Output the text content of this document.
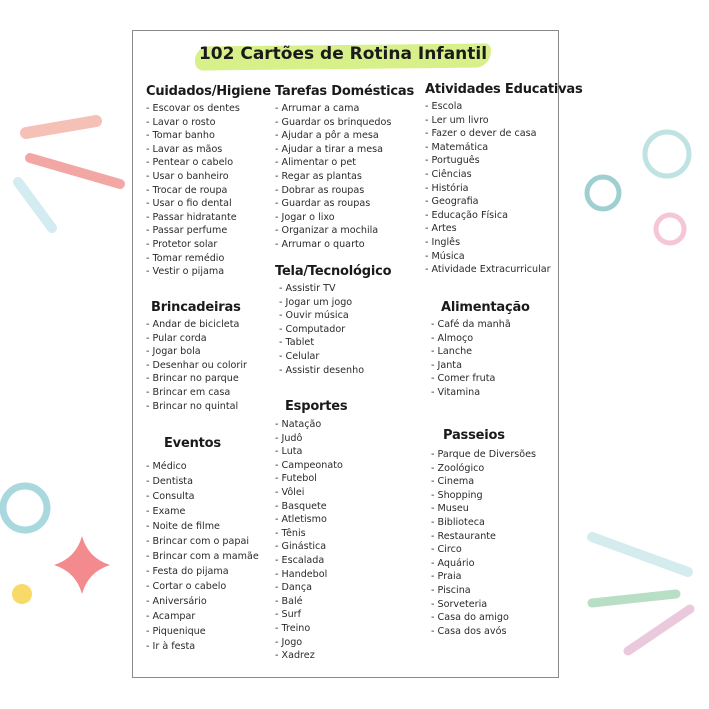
102 Cartões de Rotina Infantil
Cuidados/Higiene
- Escovar os dentes
- Lavar o rosto
- Tomar banho
- Lavar as mãos
- Pentear o cabelo
- Usar o banheiro
- Trocar de roupa
- Usar o fio dental
- Passar hidratante
- Passar perfume
- Protetor solar
- Tomar remédio
- Vestir o pijama
Tarefas Domésticas
- Arrumar a cama
- Guardar os brinquedos
- Ajudar a pôr a mesa
- Ajudar a tirar a mesa
- Alimentar o pet
- Regar as plantas
- Dobrar as roupas
- Guardar as roupas
- Jogar o lixo
- Organizar a mochila
- Arrumar o quarto
Atividades Educativas
- Escola
- Ler um livro
- Fazer o dever de casa
- Matemática
- Português
- Ciências
- História
- Geografia
- Educação Física
- Artes
- Inglês
- Música
- Atividade Extracurricular
Brincadeiras
- Andar de bicicleta
- Pular corda
- Jogar bola
- Desenhar ou colorir
- Brincar no parque
- Brincar em casa
- Brincar no quintal
Tela/Tecnológico
- Assistir TV
- Jogar um jogo
- Ouvir música
- Computador
- Tablet
- Celular
- Assistir desenho
Alimentação
- Café da manhã
- Almoço
- Lanche
- Janta
- Comer fruta
- Vitamina
Eventos
- Médico
- Dentista
- Consulta
- Exame
- Noite de filme
- Brincar com o papai
- Brincar com a mamãe
- Festa do pijama
- Cortar o cabelo
- Aniversário
- Acampar
- Piquenique
- Ir à festa
Esportes
- Natação
- Judô
- Luta
- Campeonato
- Futebol
- Vôlei
- Basquete
- Atletismo
- Tênis
- Ginástica
- Escalada
- Handebol
- Dança
- Balé
- Surf
- Treino
- Jogo
- Xadrez
Passeios
- Parque de Diversões
- Zoológico
- Cinema
- Shopping
- Museu
- Biblioteca
- Restaurante
- Circo
- Aquário
- Praia
- Piscina
- Sorveteria
- Casa do amigo
- Casa dos avós
